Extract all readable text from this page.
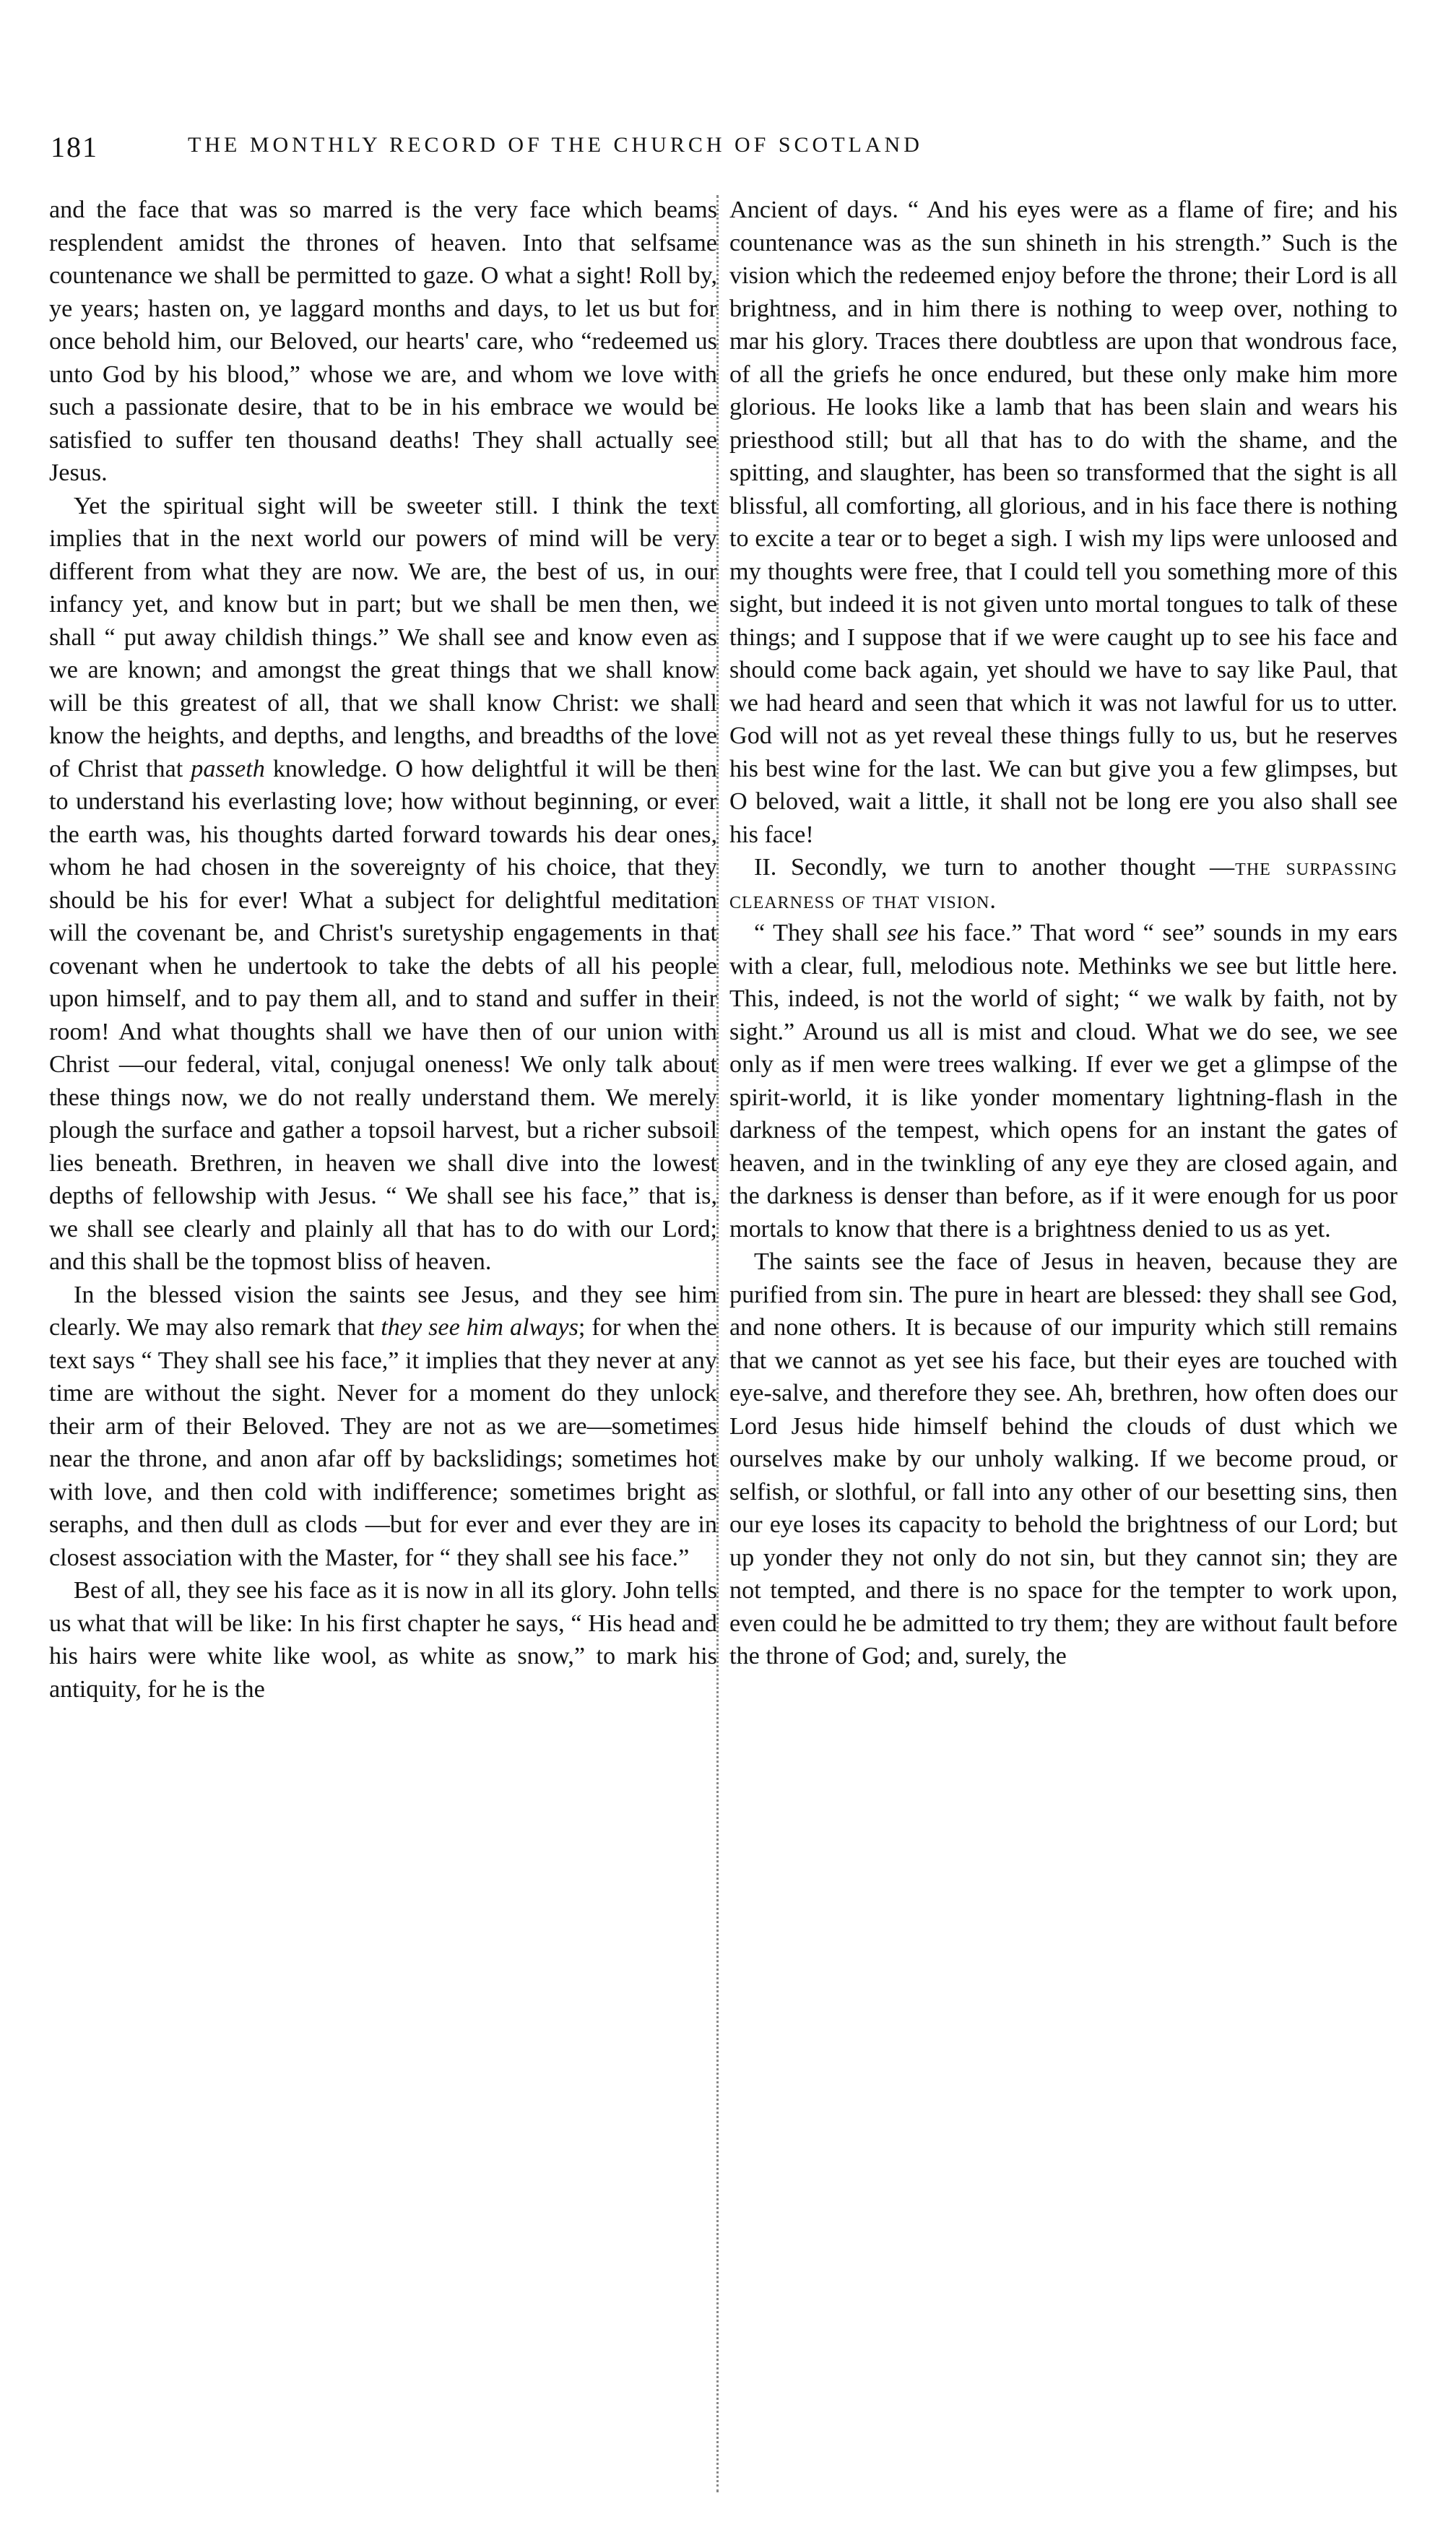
181	THE MONTHLY RECORD OF THE CHURCH OF SCOTLAND

and the face that was so marred is the very face which beams resplendent amidst the thrones of heaven. Into that selfsame countenance we shall be permitted to gaze. O what a sight! Roll by, ye years; hasten on, ye laggard months and days, to let us but for once behold him, our Beloved, our hearts' care, who “redeemed us unto God by his blood,” whose we are, and whom we love with such a passionate desire, that to be in his embrace we would be satisfied to suffer ten thousand deaths! They shall actually see Jesus.

Yet the spiritual sight will be sweeter still. I think the text implies that in the next world our powers of mind will be very different from what they are now. We are, the best of us, in our infancy yet, and know but in part; but we shall be men then, we shall “ put away childish things.” We shall see and know even as we are known; and amongst the great things that we shall know will be this greatest of all, that we shall know Christ: we shall know the heights, and depths, and lengths, and breadths of the love of Christ that passeth knowledge. O how delightful it will be then to understand his everlasting love; how without beginning, or ever the earth was, his thoughts darted forward towards his dear ones, whom he had chosen in the sovereignty of his choice, that they should be his for ever! What a subject for delightful meditation will the covenant be, and Christ's suretyship engagements in that covenant when he undertook to take the debts of all his people upon himself, and to pay them all, and to stand and suffer in their room! And what thoughts shall we have then of our union with Christ —our federal, vital, conjugal oneness! We only talk about these things now, we do not really understand them. We merely plough the surface and gather a topsoil harvest, but a richer subsoil lies beneath. Brethren, in heaven we shall dive into the lowest depths of fellowship with Jesus. “ We shall see his face,” that is, we shall see clearly and plainly all that has to do with our Lord; and this shall be the topmost bliss of heaven.

In the blessed vision the saints see Jesus, and they see him clearly. We may also remark that they see him always; for when the text says “ They shall see his face,” it implies that they never at any time are without the sight. Never for a moment do they unlock their arm of their Beloved. They are not as we are—sometimes near the throne, and anon afar off by backslidings; sometimes hot with love, and then cold with indifference; sometimes bright as seraphs, and then dull as clods —but for ever and ever they are in closest association with the Master, for “ they shall see his face.”

Best of all, they see his face as it is now in all its glory. John tells us what that will be like: In his first chapter he says, “ His head and his hairs were white like wool, as white as snow,” to mark his antiquity, for he is the

Ancient of days. “ And his eyes were as a flame of fire; and his countenance was as the sun shineth in his strength.” Such is the vision which the redeemed enjoy before the throne; their Lord is all brightness, and in him there is nothing to weep over, nothing to mar his glory. Traces there doubtless are upon that wondrous face, of all the griefs he once endured, but these only make him more glorious. He looks like a lamb that has been slain and wears his priesthood still; but all that has to do with the shame, and the spitting, and slaughter, has been so transformed that the sight is all blissful, all comforting, all glorious, and in his face there is nothing to excite a tear or to beget a sigh. I wish my lips were unloosed and my thoughts were free, that I could tell you something more of this sight, but indeed it is not given unto mortal tongues to talk of these things; and I suppose that if we were caught up to see his face and should come back again, yet should we have to say like Paul, that we had heard and seen that which it was not lawful for us to utter. God will not as yet reveal these things fully to us, but he reserves his best wine for the last. We can but give you a few glimpses, but O beloved, wait a little, it shall not be long ere you also shall see his face!

II. Secondly, we turn to another thought —the surpassing clearness of that vision.

“ They shall see his face.” That word “ see” sounds in my ears with a clear, full, melodious note. Methinks we see but little here. This, indeed, is not the world of sight; “ we walk by faith, not by sight.” Around us all is mist and cloud. What we do see, we see only as if men were trees walking. If ever we get a glimpse of the spirit-world, it is like yonder momentary lightning-flash in the darkness of the tempest, which opens for an instant the gates of heaven, and in the twinkling of any eye they are closed again, and the darkness is denser than before, as if it were enough for us poor mortals to know that there is a brightness denied to us as yet.

The saints see the face of Jesus in heaven, because they are purified from sin. The pure in heart are blessed: they shall see God, and none others. It is because of our impurity which still remains that we cannot as yet see his face, but their eyes are touched with eye-salve, and therefore they see. Ah, brethren, how often does our Lord Jesus hide himself behind the clouds of dust which we ourselves make by our unholy walking. If we become proud, or selfish, or slothful, or fall into any other of our besetting sins, then our eye loses its capacity to behold the brightness of our Lord; but up yonder they not only do not sin, but they cannot sin; they are not tempted, and there is no space for the tempter to work upon, even could he be admitted to try them; they are without fault before the throne of God; and, surely, the
